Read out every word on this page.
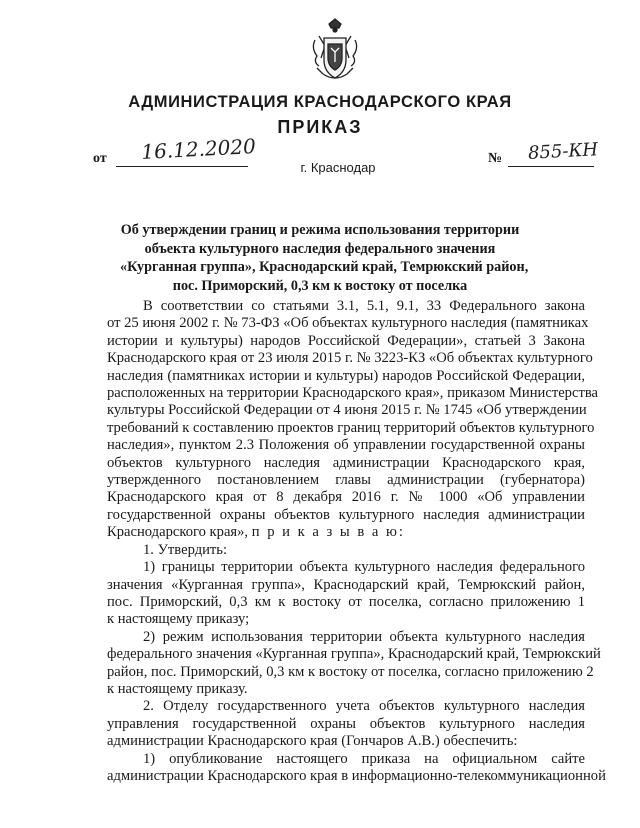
АДМИНИСТРАЦИЯ КРАСНОДАРСКОГО КРАЯ
ПРИКАЗ
от 16.12.2020
г. Краснодар
№ 855-КН
Об утверждении границ и режима использования территории
объекта культурного наследия федерального значения
«Курганная группа», Краснодарский край, Темрюкский район,
пос. Приморский, 0,3 км к востоку от поселка
В соответствии со статьями 3.1, 5.1, 9.1, 33 Федерального закона
от 25 июня 2002 г. № 73-ФЗ «Об объектах культурного наследия (памятниках
истории и культуры) народов Российской Федерации», статьей 3 Закона
Краснодарского края от 23 июля 2015 г. № 3223-КЗ «Об объектах культурного
наследия (памятниках истории и культуры) народов Российской Федерации,
расположенных на территории Краснодарского края», приказом Министерства
культуры Российской Федерации от 4 июня 2015 г. № 1745 «Об утверждении
требований к составлению проектов границ территорий объектов культурного
наследия», пунктом 2.3 Положения об управлении государственной охраны
объектов культурного наследия администрации Краснодарского края,
утвержденного постановлением главы администрации (губернатора)
Краснодарского края от 8 декабря 2016 г. № 1000 «Об управлении
государственной охраны объектов культурного наследия администрации
Краснодарского края», п р и к а з ы в а ю:
1. Утвердить:
1) границы территории объекта культурного наследия федерального
значения «Курганная группа», Краснодарский край, Темрюкский район,
пос. Приморский, 0,3 км к востоку от поселка, согласно приложению 1
к настоящему приказу;
2) режим использования территории объекта культурного наследия
федерального значения «Курганная группа», Краснодарский край, Темрюкский
район, пос. Приморский, 0,3 км к востоку от поселка, согласно приложению 2
к настоящему приказу.
2. Отделу государственного учета объектов культурного наследия
управления государственной охраны объектов культурного наследия
администрации Краснодарского края (Гончаров А.В.) обеспечить:
1) опубликование настоящего приказа на официальном сайте
администрации Краснодарского края в информационно-телекоммуникационной
